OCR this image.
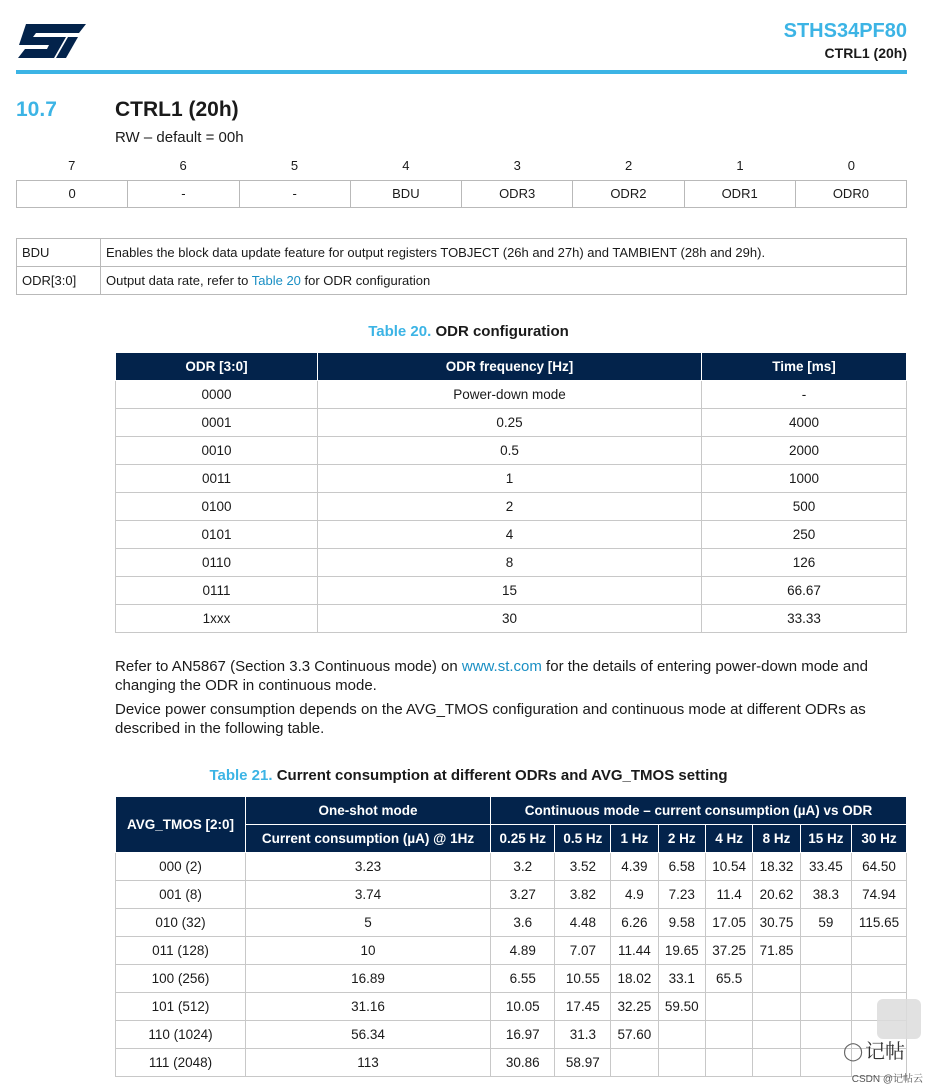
STHS34PF80
CTRL1 (20h)
10.7	CTRL1 (20h)
RW – default = 00h
7	6	5	4	3	2	1	0
0	-	-	BDU	ODR3	ODR2	ODR1	ODR0
BDU	Enables the block data update feature for output registers TOBJECT (26h and 27h) and TAMBIENT (28h and 29h).
ODR[3:0]	Output data rate, refer to Table 20 for ODR configuration
Table 20. ODR configuration
ODR [3:0]	ODR frequency [Hz]	Time [ms]
0000	Power-down mode	-
0001	0.25	4000
0010	0.5	2000
0011	1	1000
0100	2	500
0101	4	250
0110	8	126
0111	15	66.67
1xxx	30	33.33
Refer to AN5867 (Section 3.3 Continuous mode) on www.st.com for the details of entering power-down mode and changing the ODR in continuous mode.
Device power consumption depends on the AVG_TMOS configuration and continuous mode at different ODRs as described in the following table.
Table 21. Current consumption at different ODRs and AVG_TMOS setting
AVG_TMOS [2:0]	One-shot mode	Continuous mode – current consumption (µA) vs ODR							
	Current consumption (µA) @ 1Hz	0.25 Hz	0.5 Hz	1 Hz	2 Hz	4 Hz	8 Hz	15 Hz	30 Hz
000 (2)	3.23	3.2	3.52	4.39	6.58	10.54	18.32	33.45	64.50
001 (8)	3.74	3.27	3.82	4.9	7.23	11.4	20.62	38.3	74.94
010 (32)	5	3.6	4.48	6.26	9.58	17.05	30.75	59	115.65
011 (128)	10	4.89	7.07	11.44	19.65	37.25	71.85		
100 (256)	16.89	6.55	10.55	18.02	33.1	65.5			
101 (512)	31.16	10.05	17.45	32.25	59.50				
110 (1024)	56.34	16.97	31.3	57.60					
111 (2048)	113	30.86	58.97						
◯ 记帖
CSDN @记帖云
